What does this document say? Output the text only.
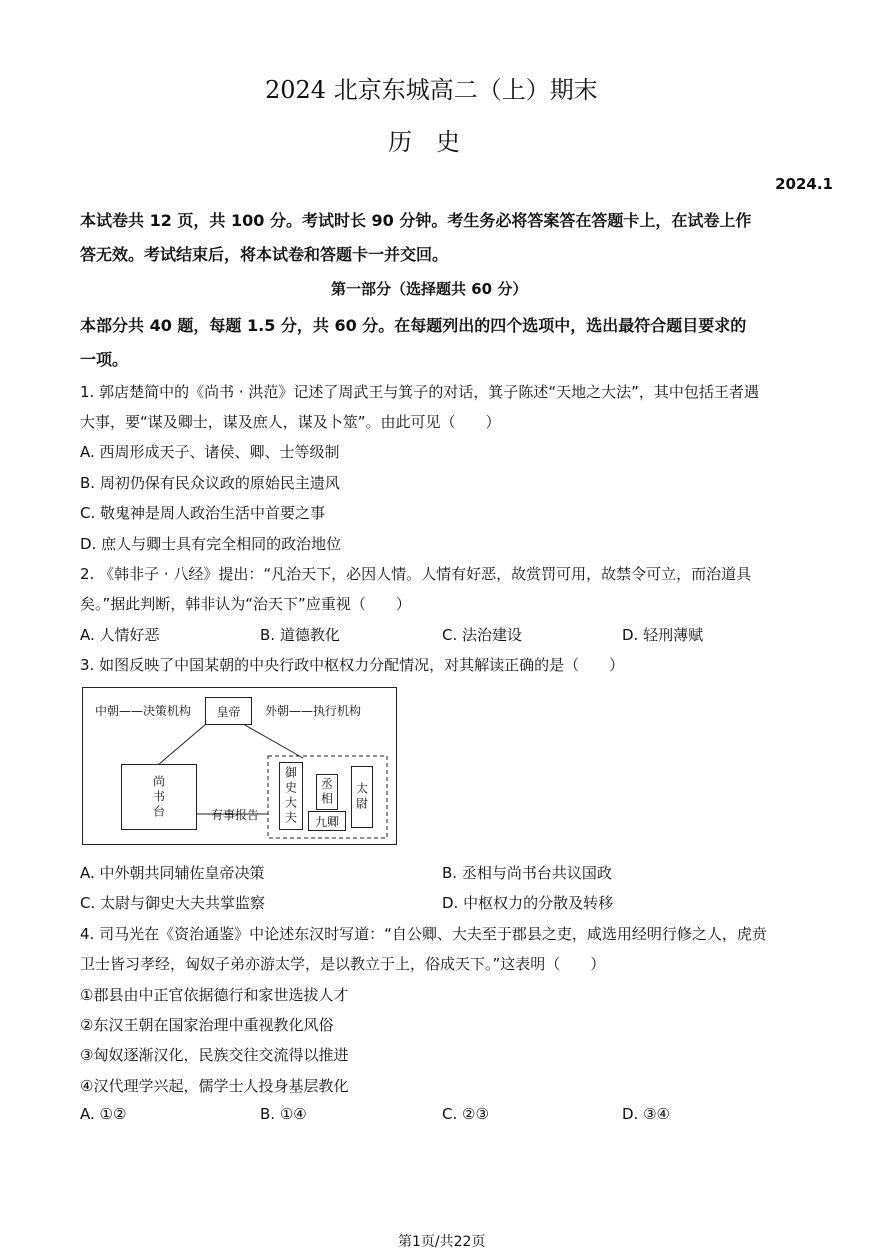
2024 北京东城高二（上）期末
历　史
2024.1
本试卷共 12 页，共 100 分。考试时长 90 分钟。考生务必将答案答在答题卡上，在试卷上作
答无效。考试结束后，将本试卷和答题卡一并交回。
第一部分（选择题共 60 分）
本部分共 40 题，每题 1.5 分，共 60 分。在每题列出的四个选项中，选出最符合题目要求的
一项。
1. 郭店楚简中的《尚书 · 洪范》记述了周武王与箕子的对话，箕子陈述“天地之大法”，其中包括王者遇
大事，要“谋及卿士，谋及庶人，谋及卜筮”。由此可见（　　）
A. 西周形成天子、诸侯、卿、士等级制
B. 周初仍保有民众议政的原始民主遗风
C. 敬鬼神是周人政治生活中首要之事
D. 庶人与卿士具有完全相同的政治地位
2. 《韩非子 · 八经》提出：“凡治天下，必因人情。人情有好恶，故赏罚可用，故禁令可立，而治道具
矣。”据此判断，韩非认为“治天下”应重视（　　）
A. 人情好恶	B. 道德教化	C. 法治建设	D. 轻刑薄赋
3. 如图反映了中国某朝的中央行政中枢权力分配情况，对其解读正确的是（　　）
中朝——决策机构	皇帝	外朝——执行机构
尚书台	有事报告	御史大夫	丞相	太尉
九卿
A. 中外朝共同辅佐皇帝决策	B. 丞相与尚书台共议国政
C. 太尉与御史大夫共掌监察	D. 中枢权力的分散及转移
4. 司马光在《资治通鉴》中论述东汉时写道：“自公卿、大夫至于郡县之吏，咸选用经明行修之人，虎贲
卫士皆习孝经，匈奴子弟亦游太学，是以教立于上，俗成天下。”这表明（　　）
①郡县由中正官依据德行和家世选拔人才
②东汉王朝在国家治理中重视教化风俗
③匈奴逐渐汉化，民族交往交流得以推进
④汉代理学兴起，儒学士人投身基层教化
A. ①②	B. ①④	C. ②③	D. ③④
第1页/共22页
